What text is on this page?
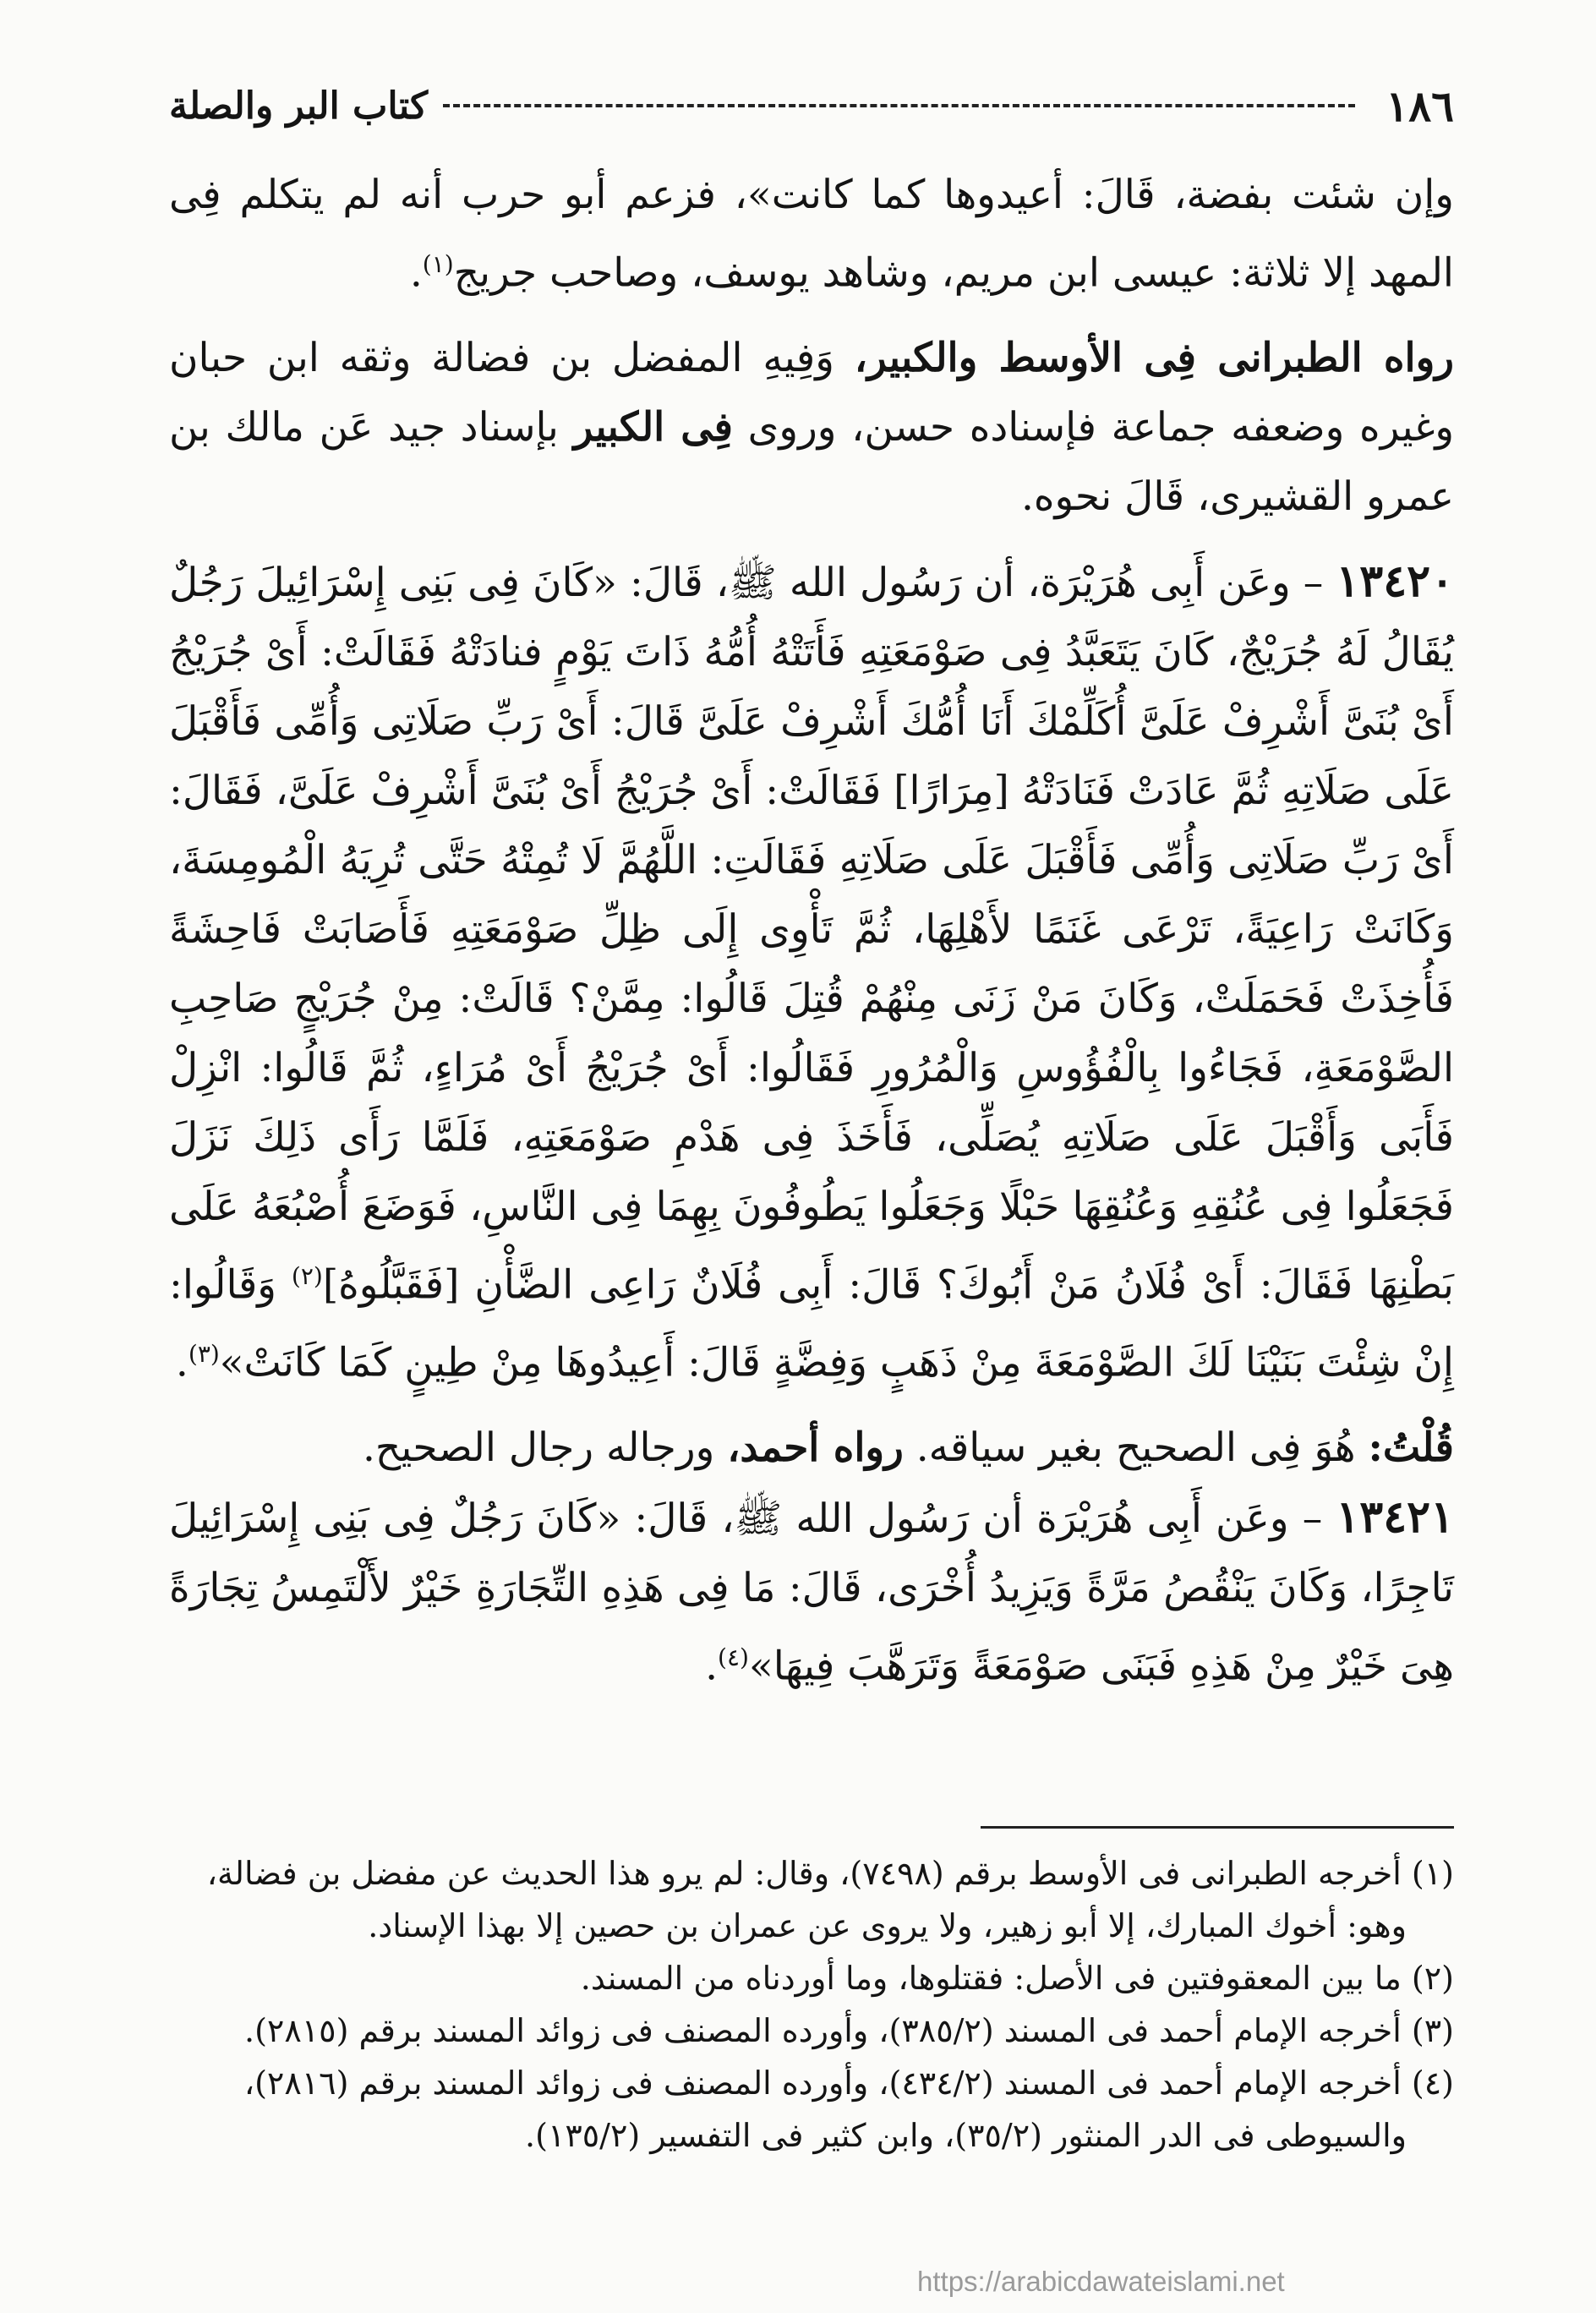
١٨٦
كتاب البر والصلة

وإن شئت بفضة، قَالَ: أعيدوها كما كانت»، فزعم أبو حرب أنه لم يتكلم فِى المهد إلا ثلاثة: عيسى ابن مريم، وشاهد يوسف، وصاحب جريج$^{(١)}$.

رواه الطبرانى فِى الأوسط والكبير، وَفِيهِ المفضل بن فضالة وثقه ابن حبان وغيره وضعفه جماعة فإسناده حسن، وروى فِى الكبير بإسناد جيد عَن مالك بن عمرو القشيرى، قَالَ نحوه.

١٣٤٢٠ – وعَن أَبِى هُرَيْرَة، أن رَسُول الله ﷺ، قَالَ: «كَانَ فِى بَنِى إِسْرَائِيلَ رَجُلٌ يُقَالُ لَهُ جُرَيْجٌ، كَانَ يَتَعَبَّدُ فِى صَوْمَعَتِهِ فَأَتَتْهُ أُمُّهُ ذَاتَ يَوْمٍ فنادَتْهُ فَقَالَتْ: أَىْ جُرَيْجُ أَىْ بُنَىَّ أَشْرِفْ عَلَىَّ أُكَلِّمْكَ أَنَا أُمُّكَ أَشْرِفْ عَلَىَّ قَالَ: أَىْ رَبِّ صَلَاتِى وَأُمِّى فَأَقْبَلَ عَلَى صَلَاتِهِ ثُمَّ عَادَتْ فَنَادَتْهُ [مِرَارًا] فَقَالَتْ: أَىْ جُرَيْجُ أَىْ بُنَىَّ أَشْرِفْ عَلَىَّ، فَقَالَ: أَىْ رَبِّ صَلَاتِى وَأُمِّى فَأَقْبَلَ عَلَى صَلَاتِهِ فَقَالَتِ: اللَّهُمَّ لَا تُمِتْهُ حَتَّى تُرِيَهُ الْمُومِسَةَ، وَكَانَتْ رَاعِيَةً، تَرْعَى غَنَمًا لأَهْلِهَا، ثُمَّ تَأْوِى إِلَى ظِلِّ صَوْمَعَتِهِ فَأَصَابَتْ فَاحِشَةً فَأُخِذَتْ فَحَمَلَتْ، وَكَانَ مَنْ زَنَى مِنْهُمْ قُتِلَ قَالُوا: مِمَّنْ؟ قَالَتْ: مِنْ جُرَيْجٍ صَاحِبِ الصَّوْمَعَةِ، فَجَاءُوا بِالْفُؤُوسِ وَالْمُرُورِ فَقَالُوا: أَىْ جُرَيْجُ أَىْ مُرَاءٍ، ثُمَّ قَالُوا: انْزِلْ فَأَبَى وَأَقْبَلَ عَلَى صَلَاتِهِ يُصَلِّى، فَأَخَذَ فِى هَدْمِ صَوْمَعَتِهِ، فَلَمَّا رَأَى ذَلِكَ نَزَلَ فَجَعَلُوا فِى عُنُقِهِ وَعُنُقِهَا حَبْلًا وَجَعَلُوا يَطُوفُونَ بِهِمَا فِى النَّاسِ، فَوَضَعَ أُصْبُعَهُ عَلَى بَطْنِهَا فَقَالَ: أَىْ فُلَانُ مَنْ أَبُوكَ؟ قَالَ: أَبِى فُلَانٌ رَاعِى الضَّأْنِ [فَقَبَّلُوهُ]$^{(٢)}$ وَقَالُوا: إِنْ شِئْتَ بَنَيْنَا لَكَ الصَّوْمَعَةَ مِنْ ذَهَبٍ وَفِضَّةٍ قَالَ: أَعِيدُوهَا مِنْ طِينٍ كَمَا كَانَتْ»$^{(٣)}$.

قُلْتُ: هُوَ فِى الصحيح بغير سياقه. رواه أحمد، ورجاله رجال الصحيح.

١٣٤٢١ – وعَن أَبِى هُرَيْرَة أن رَسُول الله ﷺ، قَالَ: «كَانَ رَجُلٌ فِى بَنِى إِسْرَائِيلَ تَاجِرًا، وَكَانَ يَنْقُصُ مَرَّةً وَيَزِيدُ أُخْرَى، قَالَ: مَا فِى هَذِهِ التِّجَارَةِ خَيْرٌ لأَلْتَمِسُ تِجَارَةً هِىَ خَيْرٌ مِنْ هَذِهِ فَبَنَى صَوْمَعَةً وَتَرَهَّبَ فِيهَا»$^{(٤)}$.

(١) أخرجه الطبرانى فى الأوسط برقم (٧٤٩٨)، وقال: لم يرو هذا الحديث عن مفضل بن فضالة،

وهو: أخوك المبارك، إلا أبو زهير، ولا يروى عن عمران بن حصين إلا بهذا الإسناد.

(٢) ما بين المعقوفتين فى الأصل: فقتلوها، وما أوردناه من المسند.

(٣) أخرجه الإمام أحمد فى المسند (٣٨٥/٢)، وأورده المصنف فى زوائد المسند برقم (٢٨١٥).

(٤) أخرجه الإمام أحمد فى المسند (٤٣٤/٢)، وأورده المصنف فى زوائد المسند برقم (٢٨١٦)،

والسيوطى فى الدر المنثور (٣٥/٢)، وابن كثير فى التفسير (١٣٥/٢).

https://arabicdawateislami.net
